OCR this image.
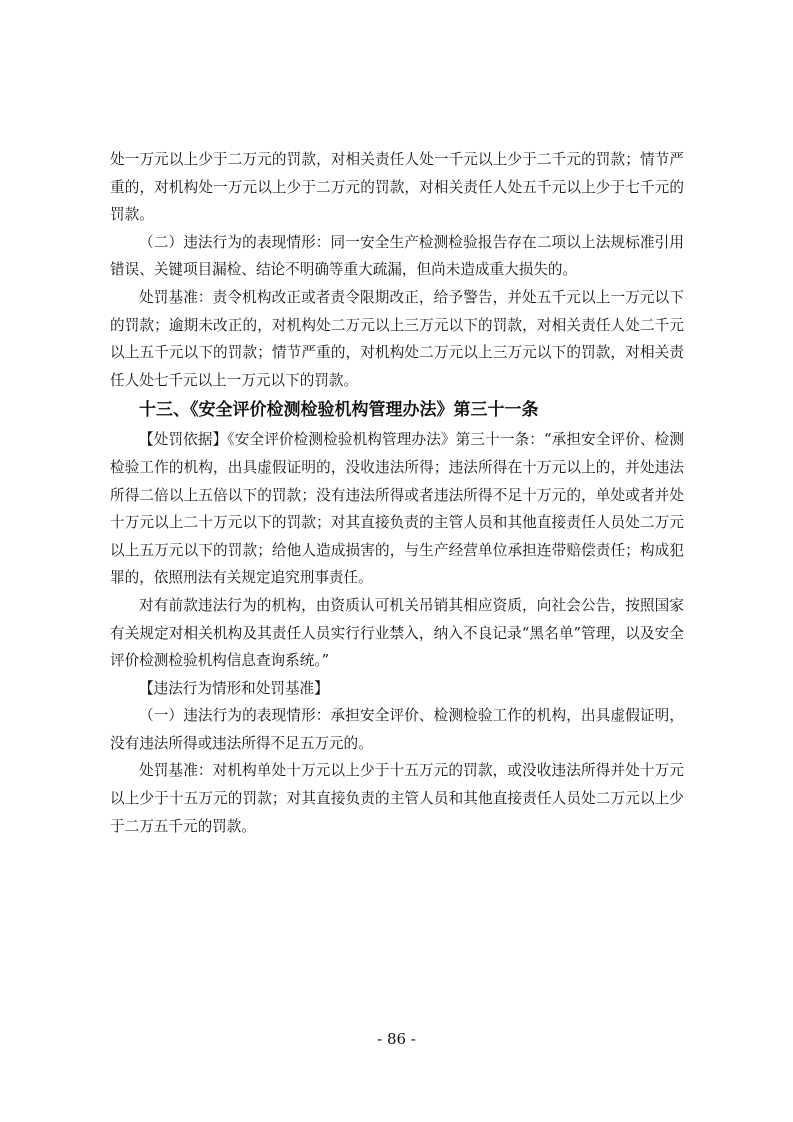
处一万元以上少于二万元的罚款，对相关责任人处一千元以上少于二千元的罚款；情节严重的，对机构处一万元以上少于二万元的罚款，对相关责任人处五千元以上少于七千元的罚款。

（二）违法行为的表现情形：同一安全生产检测检验报告存在二项以上法规标准引用错误、关键项目漏检、结论不明确等重大疏漏，但尚未造成重大损失的。

处罚基准：责令机构改正或者责令限期改正，给予警告，并处五千元以上一万元以下的罚款；逾期未改正的，对机构处二万元以上三万元以下的罚款，对相关责任人处二千元以上五千元以下的罚款；情节严重的，对机构处二万元以上三万元以下的罚款，对相关责任人处七千元以上一万元以下的罚款。

十三、《安全评价检测检验机构管理办法》第三十一条

【处罚依据】《安全评价检测检验机构管理办法》第三十一条：“承担安全评价、检测检验工作的机构，出具虚假证明的，没收违法所得；违法所得在十万元以上的，并处违法所得二倍以上五倍以下的罚款；没有违法所得或者违法所得不足十万元的，单处或者并处十万元以上二十万元以下的罚款；对其直接负责的主管人员和其他直接责任人员处二万元以上五万元以下的罚款；给他人造成损害的，与生产经营单位承担连带赔偿责任；构成犯罪的，依照刑法有关规定追究刑事责任。

对有前款违法行为的机构，由资质认可机关吊销其相应资质，向社会公告，按照国家有关规定对相关机构及其责任人员实行行业禁入，纳入不良记录“黑名单”管理，以及安全评价检测检验机构信息查询系统。”

【违法行为情形和处罚基准】

（一）违法行为的表现情形：承担安全评价、检测检验工作的机构，出具虚假证明，没有违法所得或违法所得不足五万元的。

处罚基准：对机构单处十万元以上少于十五万元的罚款，或没收违法所得并处十万元以上少于十五万元的罚款；对其直接负责的主管人员和其他直接责任人员处二万元以上少于二万五千元的罚款。

- 86 -
